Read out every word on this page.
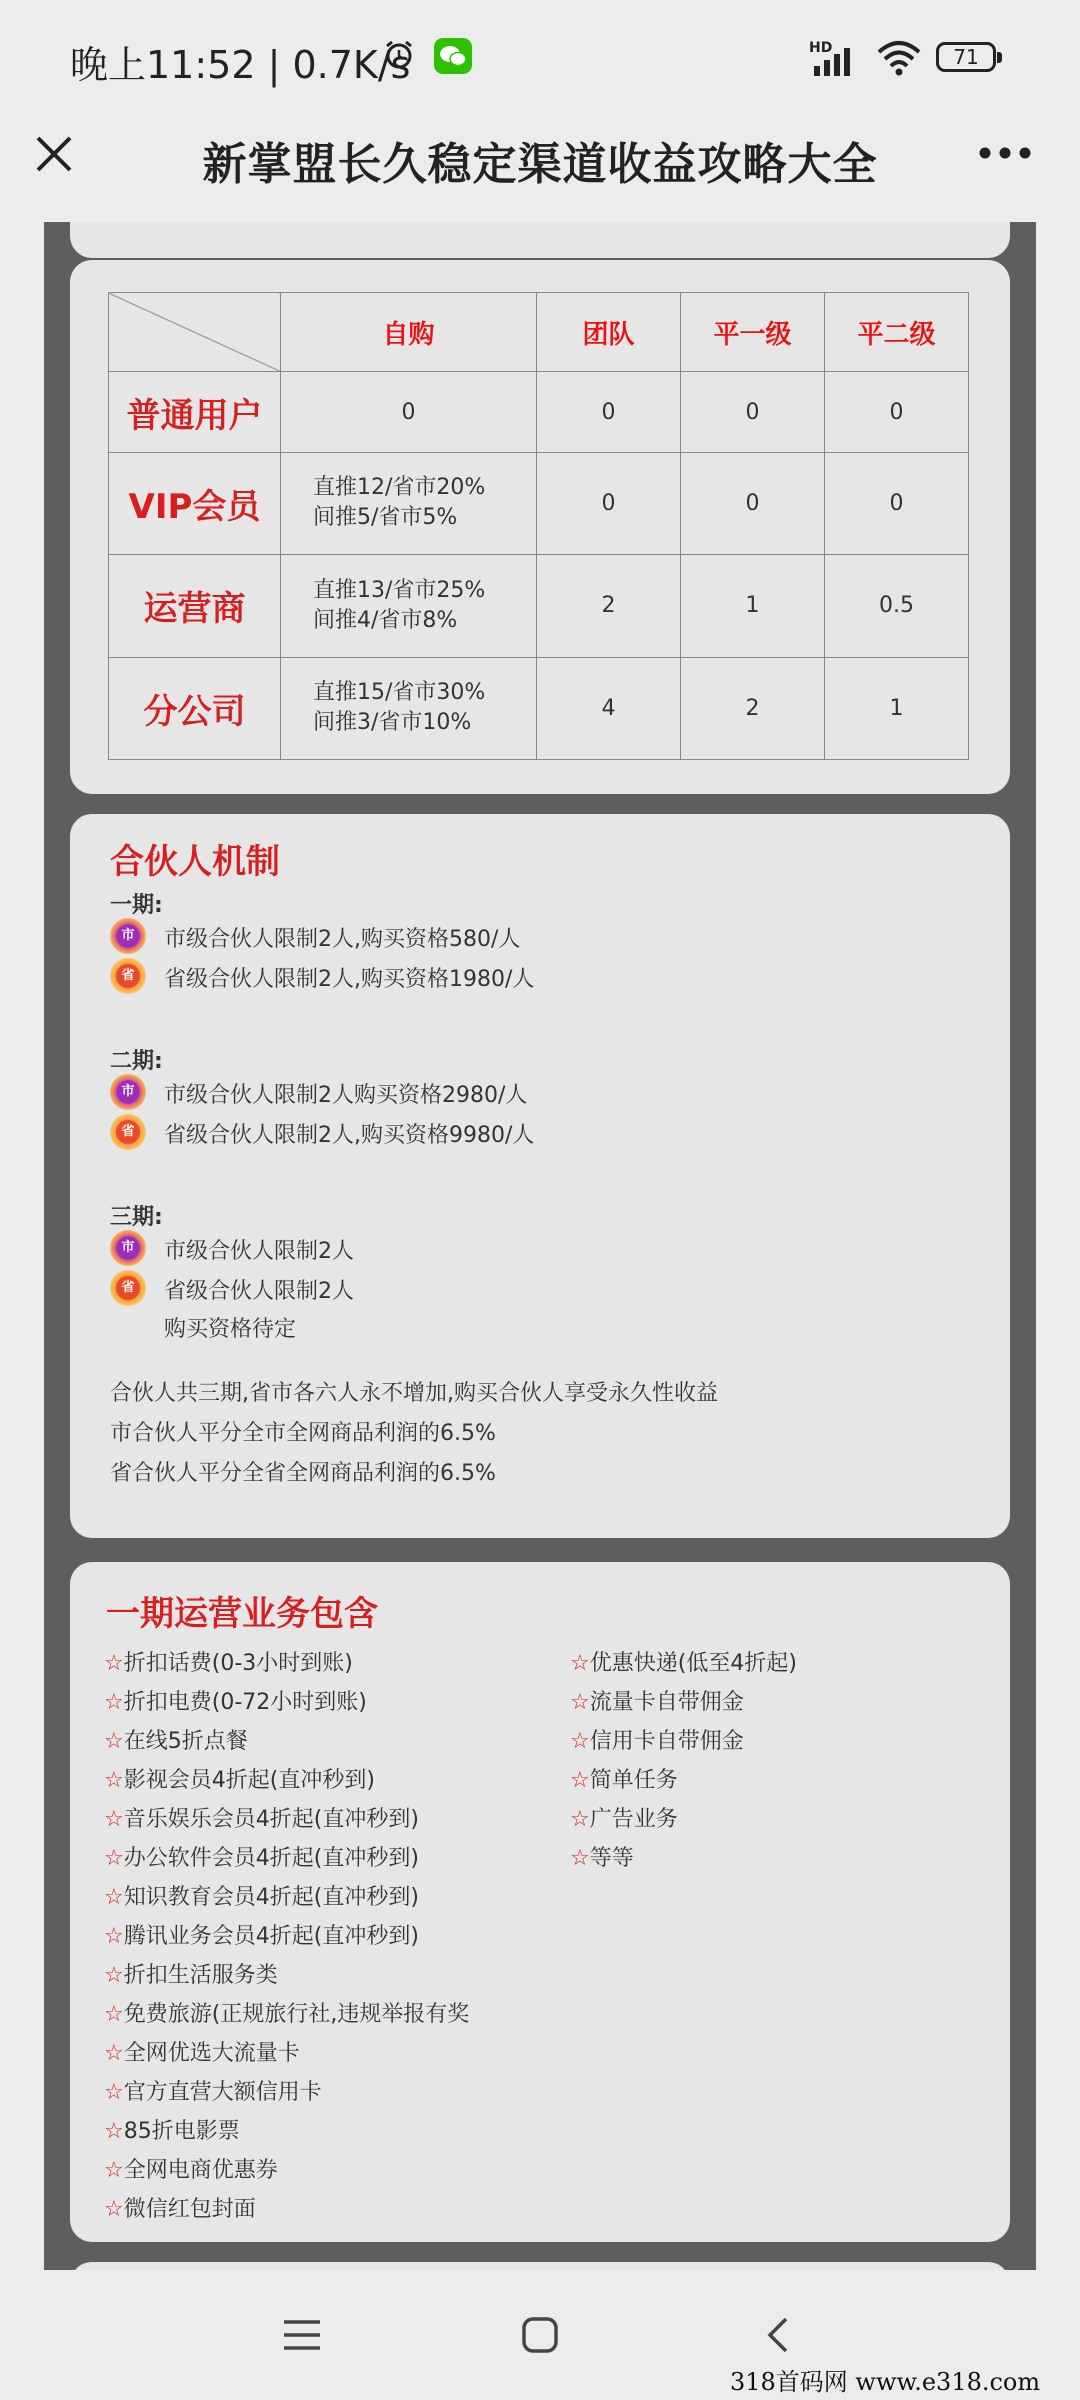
晚上11:52 | 0.7K/s	HD	71
新掌盟长久稳定渠道收益攻略大全
	自购	团队	平一级	平二级
普通用户	0	0	0	0
VIP会员	直推12/省市20%
间推5/省市5%	0	0	0
运营商	直推13/省市25%
间推4/省市8%	2	1	0.5
分公司	直推15/省市30%
间推3/省市10%	4	2	1
合伙人机制
一期:
市	市级合伙人限制2人,购买资格580/人
省	省级合伙人限制2人,购买资格1980/人
二期:
市	市级合伙人限制2人购买资格2980/人
省	省级合伙人限制2人,购买资格9980/人
三期:
市	市级合伙人限制2人
省	省级合伙人限制2人
购买资格待定
合伙人共三期,省市各六人永不增加,购买合伙人享受永久性收益
市合伙人平分全市全网商品利润的6.5%
省合伙人平分全省全网商品利润的6.5%
一期运营业务包含
☆折扣话费(0-3小时到账)
☆折扣电费(0-72小时到账)
☆在线5折点餐
☆影视会员4折起(直冲秒到)
☆音乐娱乐会员4折起(直冲秒到)
☆办公软件会员4折起(直冲秒到)
☆知识教育会员4折起(直冲秒到)
☆腾讯业务会员4折起(直冲秒到)
☆折扣生活服务类
☆免费旅游(正规旅行社,违规举报有奖
☆全网优选大流量卡
☆官方直营大额信用卡
☆85折电影票
☆全网电商优惠券
☆微信红包封面
☆优惠快递(低至4折起)
☆流量卡自带佣金
☆信用卡自带佣金
☆简单任务
☆广告业务
☆等等
318首码网 www.e318.com
